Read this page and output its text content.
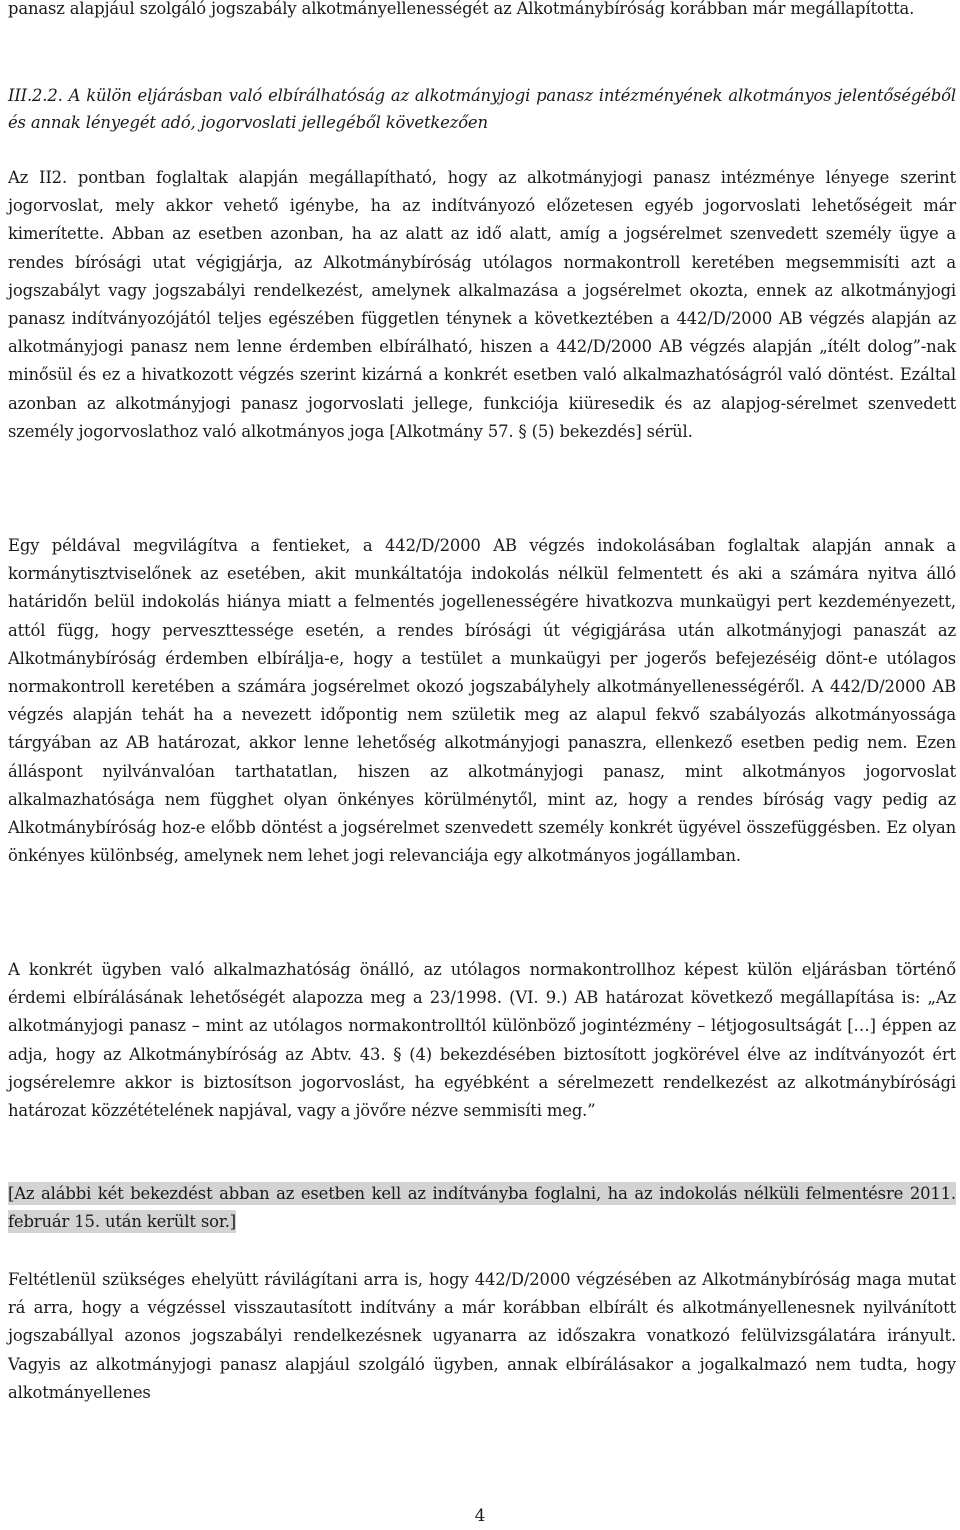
panasz alapjául szolgáló jogszabály alkotmányellenességét az Alkotmánybíróság korábban már megállapította.

III.2.2. A külön eljárásban való elbírálhatóság az alkotmányjogi panasz intézményének alkotmányos jelentőségéből és annak lényegét adó, jogorvoslati jellegéből következően

Az II2. pontban foglaltak alapján megállapítható, hogy az alkotmányjogi panasz intézménye lényege szerint jogorvoslat, mely akkor vehető igénybe, ha az indítványozó előzetesen egyéb jogorvoslati lehetőségeit már kimerítette. Abban az esetben azonban, ha az alatt az idő alatt, amíg a jogsérelmet szenvedett személy ügye a rendes bírósági utat végigjárja, az Alkotmánybíróság utólagos normakontroll keretében megsemmisíti azt a jogszabályt vagy jogszabályi rendelkezést, amelynek alkalmazása a jogsérelmet okozta, ennek az alkotmányjogi panasz indítványozójától teljes egészében független ténynek a következtében a 442/D/2000 AB végzés alapján az alkotmányjogi panasz nem lenne érdemben elbírálható, hiszen a 442/D/2000 AB végzés alapján „ítélt dolog”-nak minősül és ez a hivatkozott végzés szerint kizárná a konkrét esetben való alkalmazhatóságról való döntést. Ezáltal azonban az alkotmányjogi panasz jogorvoslati jellege, funkciója kiüresedik és az alapjog-sérelmet szenvedett személy jogorvoslathoz való alkotmányos joga [Alkotmány 57. § (5) bekezdés] sérül.

Egy példával megvilágítva a fentieket, a 442/D/2000 AB végzés indokolásában foglaltak alapján annak a kormánytisztviselőnek az esetében, akit munkáltatója indokolás nélkül felmentett és aki a számára nyitva álló határidőn belül indokolás hiánya miatt a felmentés jogellenességére hivatkozva munkaügyi pert kezdeményezett, attól függ, hogy perveszttessége esetén, a rendes bírósági út végigjárása után alkotmányjogi panaszát az Alkotmánybíróság érdemben elbírálja-e, hogy a testület a munkaügyi per jogerős befejezéséig dönt-e utólagos normakontroll keretében a számára jogsérelmet okozó jogszabályhely alkotmányellenességéről. A 442/D/2000 AB végzés alapján tehát ha a nevezett időpontig nem születik meg az alapul fekvő szabályozás alkotmányossága tárgyában az AB határozat, akkor lenne lehetőség alkotmányjogi panaszra, ellenkező esetben pedig nem. Ezen álláspont nyilvánvalóan tarthatatlan, hiszen az alkotmányjogi panasz, mint alkotmányos jogorvoslat alkalmazhatósága nem függhet olyan önkényes körülménytől, mint az, hogy a rendes bíróság vagy pedig az Alkotmánybíróság hoz-e előbb döntést a jogsérelmet szenvedett személy konkrét ügyével összefüggésben. Ez olyan önkényes különbség, amelynek nem lehet jogi relevanciája egy alkotmányos jogállamban.

A konkrét ügyben való alkalmazhatóság önálló, az utólagos normakontrollhoz képest külön eljárásban történő érdemi elbírálásának lehetőségét alapozza meg a 23/1998. (VI. 9.) AB határozat következő megállapítása is: „Az alkotmányjogi panasz – mint az utólagos normakontrolltól különböző jogintézmény – létjogosultságát […] éppen az adja, hogy az Alkotmánybíróság az Abtv. 43. § (4) bekezdésében biztosított jogkörével élve az indítványozót ért jogsérelemre akkor is biztosítson jogorvoslást, ha egyébként a sérelmezett rendelkezést az alkotmánybírósági határozat közzétételének napjával, vagy a jövőre nézve semmisíti meg.”

[Az alábbi két bekezdést abban az esetben kell az indítványba foglalni, ha az indokolás nélküli felmentésre 2011. február 15. után került sor.]

Feltétlenül szükséges ehelyütt rávilágítani arra is, hogy 442/D/2000 végzésében az Alkotmánybíróság maga mutat rá arra, hogy a végzéssel visszautasított indítvány a már korábban elbírált és alkotmányellenesnek nyilvánított jogszabállyal azonos jogszabályi rendelkezésnek ugyanarra az időszakra vonatkozó felülvizsgálatára irányult. Vagyis az alkotmányjogi panasz alapjául szolgáló ügyben, annak elbírálásakor a jogalkalmazó nem tudta, hogy alkotmányellenes

4
